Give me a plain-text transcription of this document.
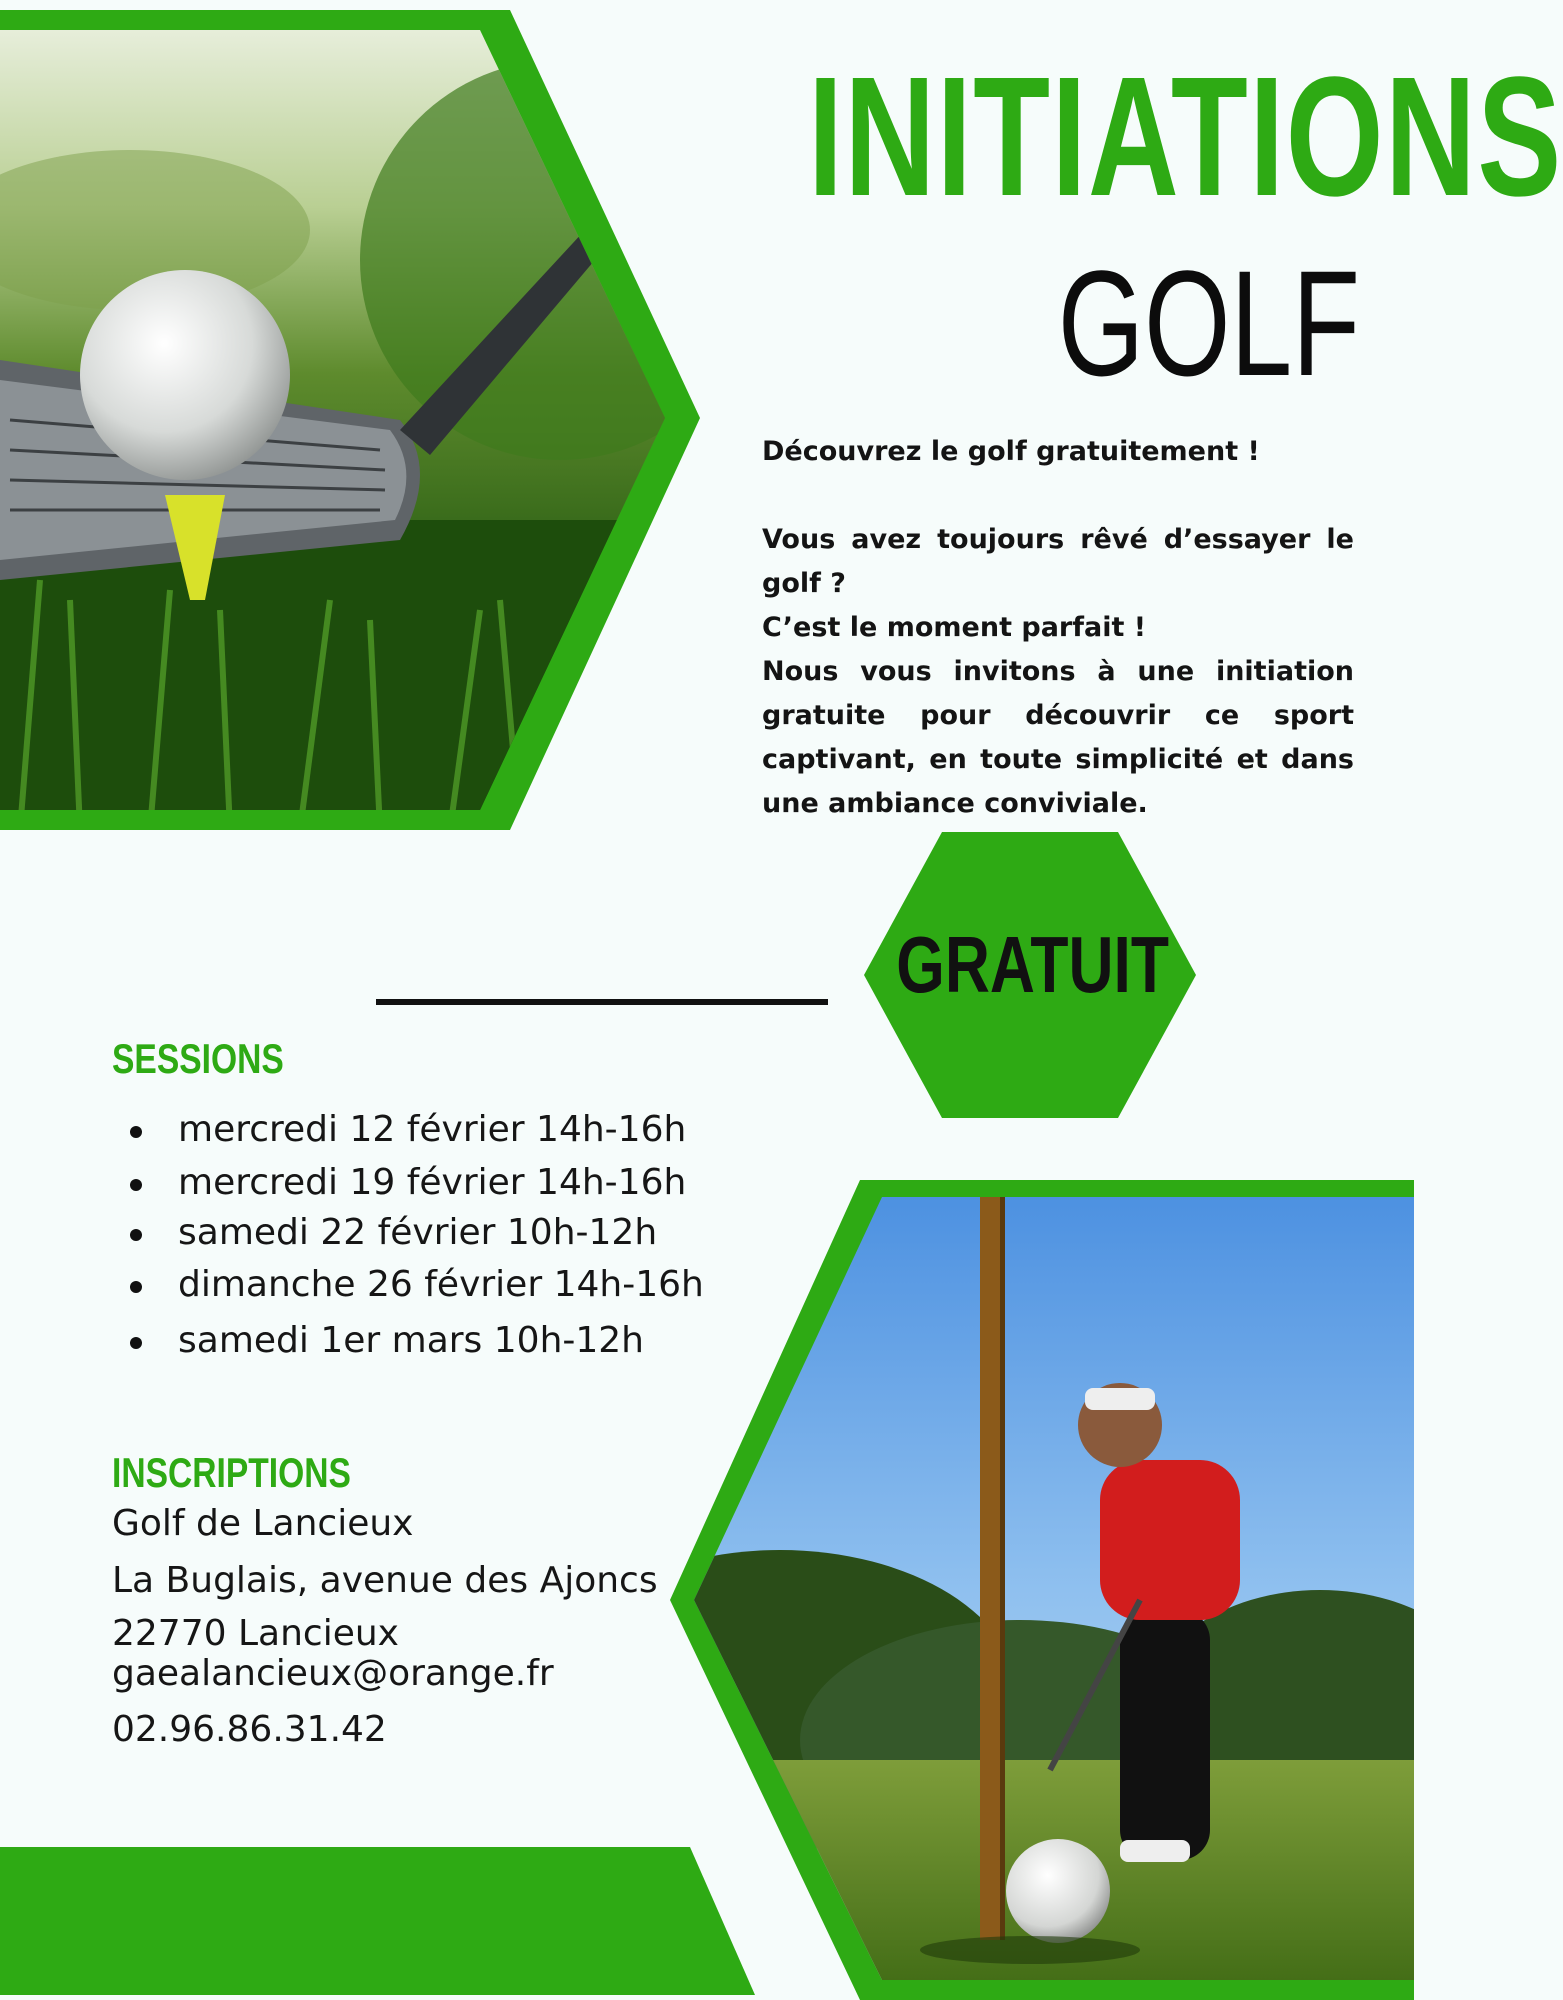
INITIATIONS
GOLF

Découvrez le golf gratuitement !

Vous avez toujours rêvé d’essayer le golf ?

C’est le moment parfait !

Nous vous invitons à une initiation gratuite pour découvrir ce sport captivant, en toute simplicité et dans une ambiance conviviale.

GRATUIT
SESSIONS
mercredi 12 février 14h-16h
mercredi 19 février 14h-16h
samedi 22 février 10h-12h
dimanche 26 février 14h-16h
samedi 1er mars 10h-12h
INSCRIPTIONS
Golf de Lancieux
La Buglais, avenue des Ajoncs
22770 Lancieux
gaealancieux@orange.fr
02.96.86.31.42
